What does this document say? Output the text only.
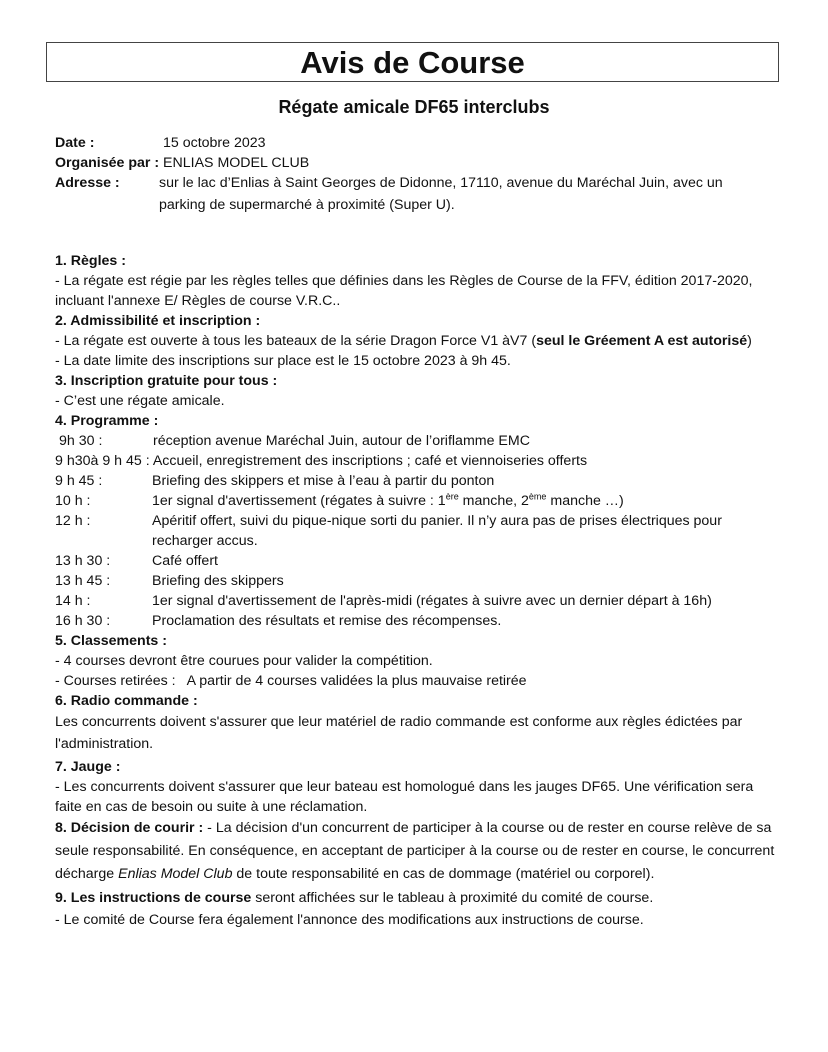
Avis de Course
Régate amicale DF65 interclubs
Date :	15 octobre 2023
Organisée par : ENLIAS MODEL CLUB
Adresse :	sur le lac d’Enlias à Saint Georges de Didonne, 17110, avenue du Maréchal Juin, avec un
parking de supermarché à proximité (Super U).
1. Règles :
- La régate est régie par les règles telles que définies dans les Règles de Course de la FFV, édition 2017-2020, incluant l'annexe E/ Règles de course V.R.C..
2. Admissibilité et inscription :
- La régate est ouverte à tous les bateaux de la série Dragon Force V1 àV7 (seul le Gréement A est autorisé)
- La date limite des inscriptions sur place est le 15 octobre 2023 à 9h 45.
3. Inscription gratuite pour tous :
- C’est une régate amicale.
4. Programme :
9h 30 :	réception avenue Maréchal Juin, autour de l’oriflamme EMC
9 h30à 9 h 45 : Accueil, enregistrement des inscriptions ; café et viennoiseries offerts
9 h 45 :	Briefing des skippers et mise à l’eau à partir du ponton
10 h :	1er signal d'avertissement (régates à suivre : 1ère manche, 2ème manche …)
12 h :	Apéritif offert, suivi du pique-nique sorti du panier. Il n’y aura pas de prises électriques pour recharger accus.
13 h 30 :	Café offert
13 h 45 :	Briefing des skippers
14 h :	1er signal d'avertissement de l'après-midi (régates à suivre avec un dernier départ à 16h)
16 h 30 :	Proclamation des résultats et remise des récompenses.
5. Classements :
- 4 courses devront être courues pour valider la compétition.
- Courses retirées :   A partir de 4 courses validées la plus mauvaise retirée
6. Radio commande :
Les concurrents doivent s'assurer que leur matériel de radio commande est conforme aux règles édictées par l'administration.
7. Jauge :
- Les concurrents doivent s'assurer que leur bateau est homologué dans les jauges DF65. Une vérification sera faite en cas de besoin ou suite à une réclamation.
8. Décision de courir : - La décision d'un concurrent de participer à la course ou de rester en course relève de sa seule responsabilité. En conséquence, en acceptant de participer à la course ou de rester en course, le concurrent décharge Enlias Model Club de toute responsabilité en cas de dommage (matériel ou corporel).
9. Les instructions de course seront affichées sur le tableau à proximité du comité de course.
- Le comité de Course fera également l'annonce des modifications aux instructions de course.
